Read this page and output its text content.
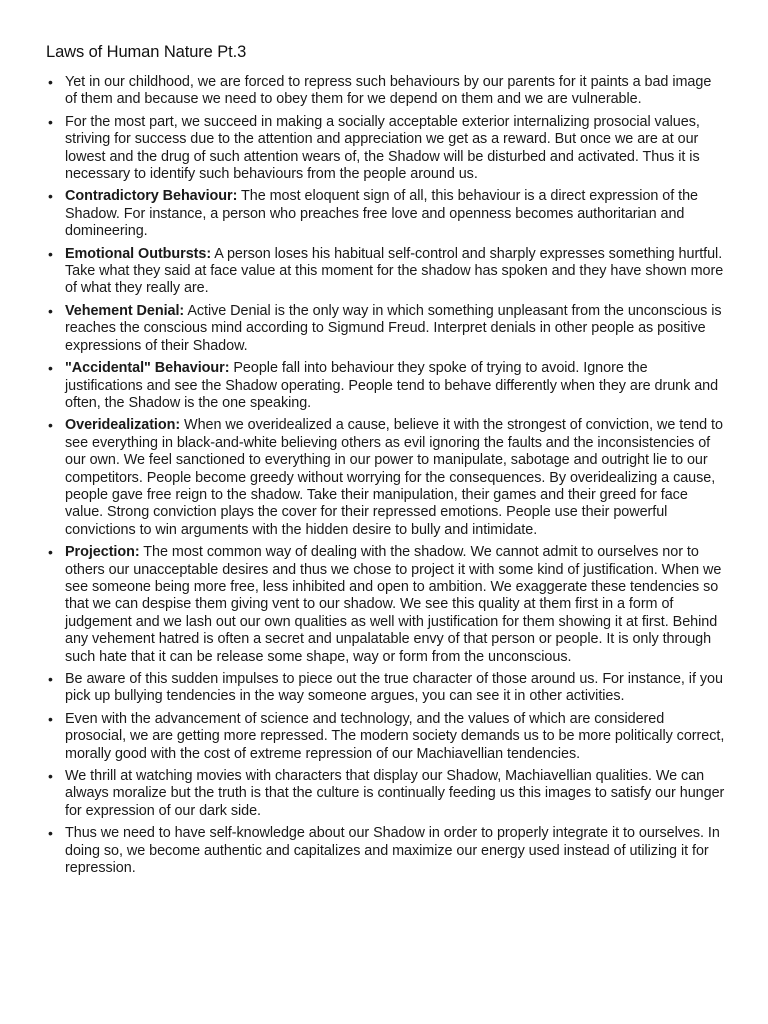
Laws of Human Nature Pt.3
• Yet in our childhood, we are forced to repress such behaviours by our parents for it paints a bad image of them and because we need to obey them for we depend on them and we are vulnerable.
• For the most part, we succeed in making a socially acceptable exterior internalizing prosocial values, striving for success due to the attention and appreciation we get as a reward. But once we are at our lowest and the drug of such attention wears of, the Shadow will be disturbed and activated. Thus it is necessary to identify such behaviours from the people around us.
• Contradictory Behaviour: The most eloquent sign of all, this behaviour is a direct expression of the Shadow. For instance, a person who preaches free love and openness becomes authoritarian and domineering.
• Emotional Outbursts: A person loses his habitual self-control and sharply expresses something hurtful. Take what they said at face value at this moment for the shadow has spoken and they have shown more of what they really are.
• Vehement Denial: Active Denial is the only way in which something unpleasant from the unconscious is reaches the conscious mind according to Sigmund Freud. Interpret denials in other people as positive expressions of their Shadow.
• "Accidental" Behaviour: People fall into behaviour they spoke of trying to avoid. Ignore the justifications and see the Shadow operating. People tend to behave differently when they are drunk and often, the Shadow is the one speaking.
• Overidealization: When we overidealized a cause, believe it with the strongest of conviction, we tend to see everything in black-and-white believing others as evil ignoring the faults and the inconsistencies of our own. We feel sanctioned to everything in our power to manipulate, sabotage and outright lie to our competitors. People become greedy without worrying for the consequences. By overidealizing a cause, people gave free reign to the shadow. Take their manipulation, their games and their greed for face value. Strong conviction plays the cover for their repressed emotions. People use their powerful convictions to win arguments with the hidden desire to bully and intimidate.
• Projection: The most common way of dealing with the shadow. We cannot admit to ourselves nor to others our unacceptable desires and thus we chose to project it with some kind of justification. When we see someone being more free, less inhibited and open to ambition. We exaggerate these tendencies so that we can despise them giving vent to our shadow. We see this quality at them first in a form of judgement and we lash out our own qualities as well with justification for them showing it at first. Behind any vehement hatred is often a secret and unpalatable envy of that person or people. It is only through such hate that it can be release some shape, way or form from the unconscious.
• Be aware of this sudden impulses to piece out the true character of those around us. For instance, if you pick up bullying tendencies in the way someone argues, you can see it in other activities.
• Even with the advancement of science and technology, and the values of which are considered prosocial, we are getting more repressed. The modern society demands us to be more politically correct, morally good with the cost of extreme repression of our Machiavellian tendencies.
• We thrill at watching movies with characters that display our Shadow, Machiavellian qualities. We can always moralize but the truth is that the culture is continually feeding us this images to satisfy our hunger for expression of our dark side.
• Thus we need to have self-knowledge about our Shadow in order to properly integrate it to ourselves. In doing so, we become authentic and capitalizes and maximize our energy used instead of utilizing it for repression.
